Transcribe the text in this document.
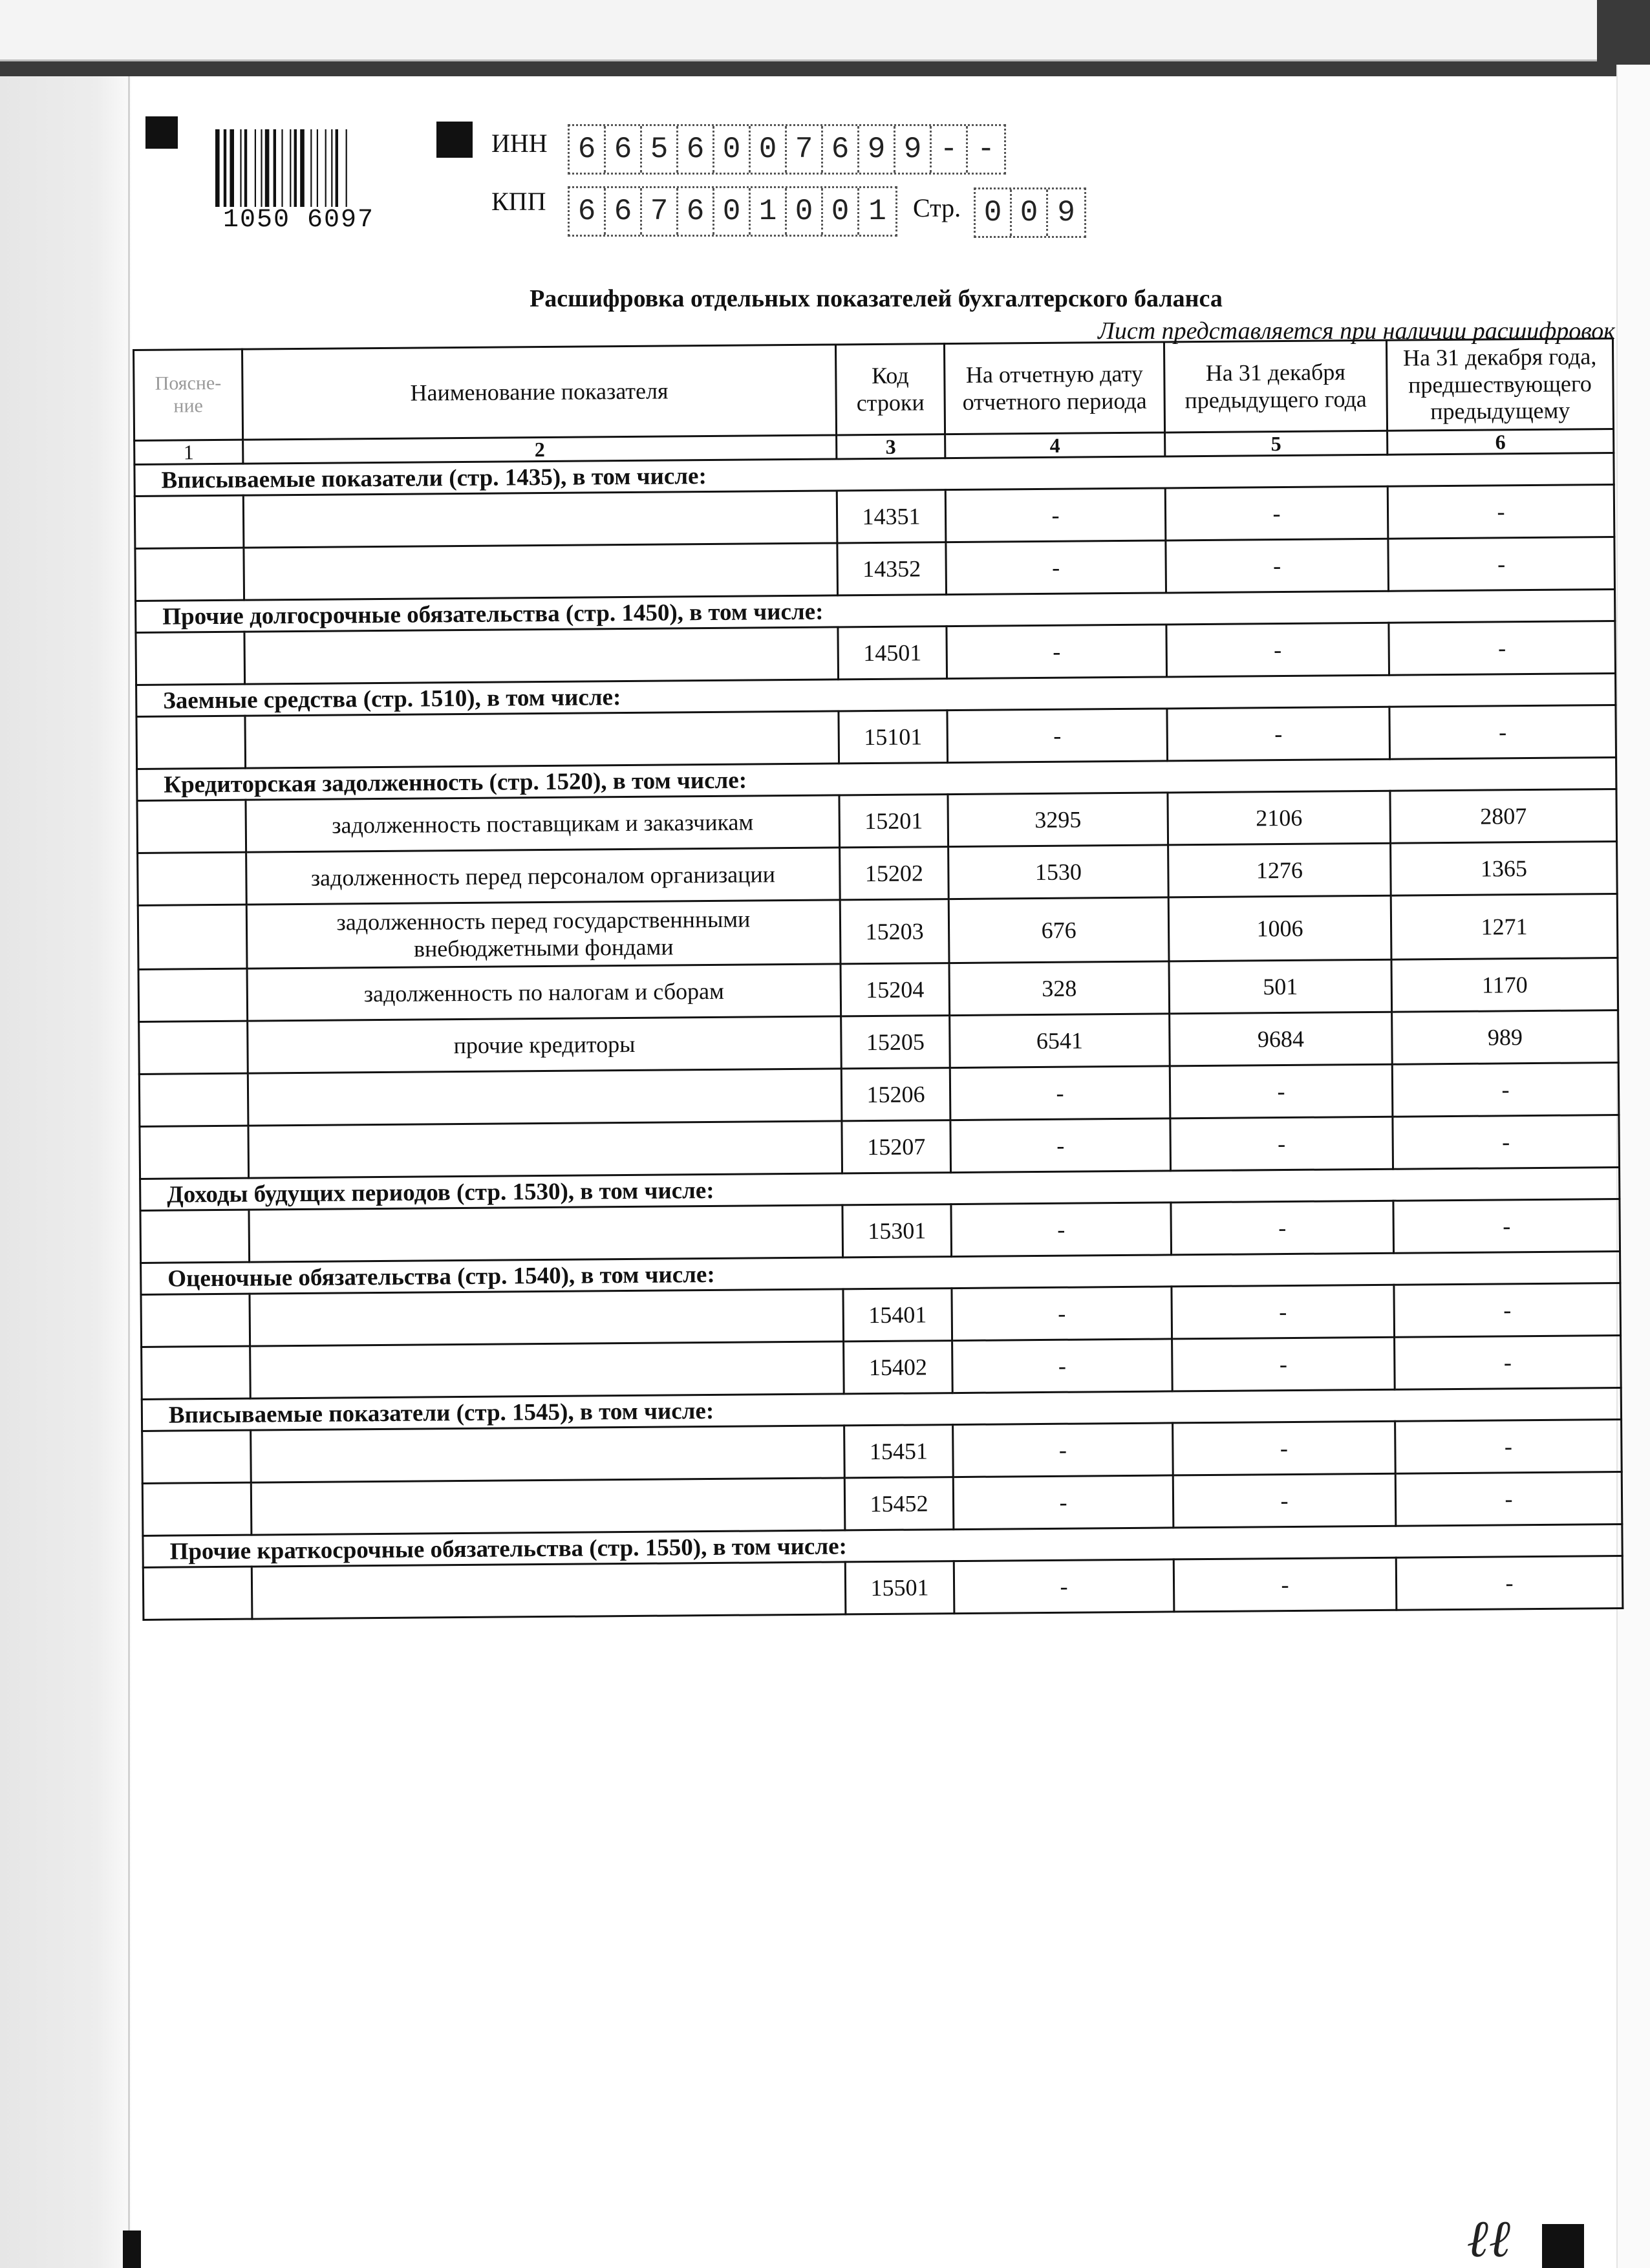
ℓℓ
1050 6097
ИНН 6 6 5 6 0 0 7 6 9 9 - -
КПП 6 6 7 6 0 1 0 0 1	Стр. 0 0 9
Расшифровка отдельных показателей бухгалтерского баланса
Лист представляется при наличии расшифровок
Поясне-ние	Наименование показателя	Код строки	На отчетную дату отчетного периода	На 31 декабря предыдущего года	На 31 декабря года, предшествующего предыдущему
1	2	3	4	5	6
Вписываемые показатели (стр. 1435), в том числе:					
		14351	-	-	-
		14352	-	-	-
Прочие долгосрочные обязательства (стр. 1450), в том числе:					
		14501	-	-	-
Заемные средства (стр. 1510), в том числе:					
		15101	-	-	-
Кредиторская задолженность (стр. 1520), в том числе:					
	задолженность поставщикам и заказчикам	15201	3295	2106	2807
	задолженность перед персоналом организации	15202	1530	1276	1365
	задолженность перед государственнными внебюджетными фондами	15203	676	1006	1271
	задолженность по налогам и сборам	15204	328	501	1170
	прочие кредиторы	15205	6541	9684	989
		15206	-	-	-
		15207	-	-	-
Доходы будущих периодов (стр. 1530), в том числе:					
		15301	-	-	-
Оценочные обязательства (стр. 1540), в том числе:					
		15401	-	-	-
		15402	-	-	-
Вписываемые показатели (стр. 1545), в том числе:					
		15451	-	-	-
		15452	-	-	-
Прочие краткосрочные обязательства (стр. 1550), в том числе:					
		15501	-	-	-
